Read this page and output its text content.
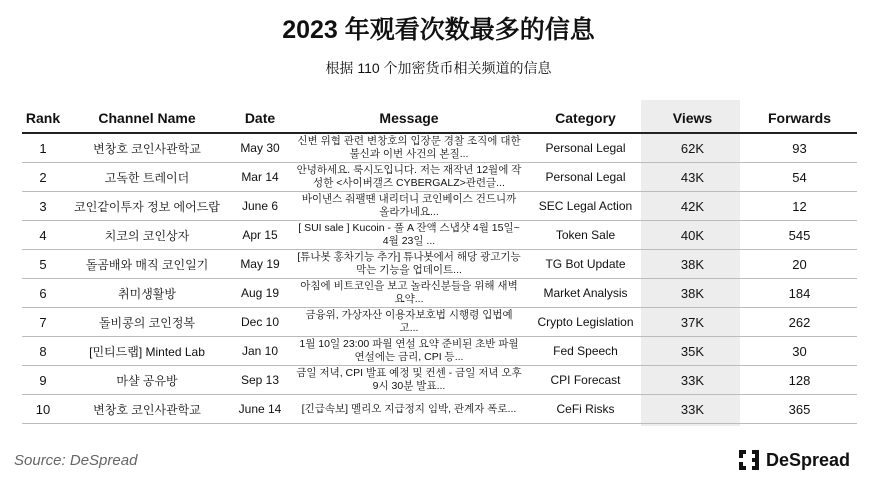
2023 年观看次数最多的信息
根据 110 个加密货币相关频道的信息
Rank	Channel Name	Date	Message	Category	Views	Forwards
1	변창호 코인사관학교	May 30	신변 위협 관련 변창호의 입장문 경찰 조직에 대한 불신과 이번 사건의 본질...	Personal Legal	62K	93
2	고독한 트레이더	Mar 14	안녕하세요. 룩시도입니다. 저는 재작년 12월에 작성한 <사이버갤즈 CYBERGALZ>관련글...	Personal Legal	43K	54
3	코인같이투자 정보 에어드랍	June 6	바이낸스 줘팰땐 내리더니 코인베이스 건드니까 올라가네요...	SEC Legal Action	42K	12
4	치코의 코인상자	Apr 15	[ SUI sale ] Kucoin - 풀 A 잔액 스냅샷 4월 15일~ 4월 23일 ...	Token Sale	40K	545
5	돌곰배와 매직 코인일기	May 19	[튜나봇 홍차기능 추가] 튜나봇에서 해당 광고기능 막는 기능을 업데이트...	TG Bot Update	38K	20
6	취미생활방	Aug 19	아침에 비트코인을 보고 놀라신분들을 위해 새벽 요약...	Market Analysis	38K	184
7	돌비콩의 코인정복	Dec 10	금융위, 가상자산 이용자보호법 시행령 입법예고...	Crypto Legislation	37K	262
8	[민티드랩] Minted Lab	Jan 10	1월 10일 23:00 파월 연설 요약 준비된 초반 파월 연설에는 금리, CPI 등...	Fed Speech	35K	30
9	마샬 공유방	Sep 13	금일 저녁, CPI 발표 예정 및 컨센 - 금일 저녁 오후 9시 30분 발표...	CPI Forecast	33K	128
10	변창호 코인사관학교	June 14	[긴급속보] 멜리오 지급정지 임박, 관계자 폭로...	CeFi Risks	33K	365
Source: DeSpread	DeSpread
